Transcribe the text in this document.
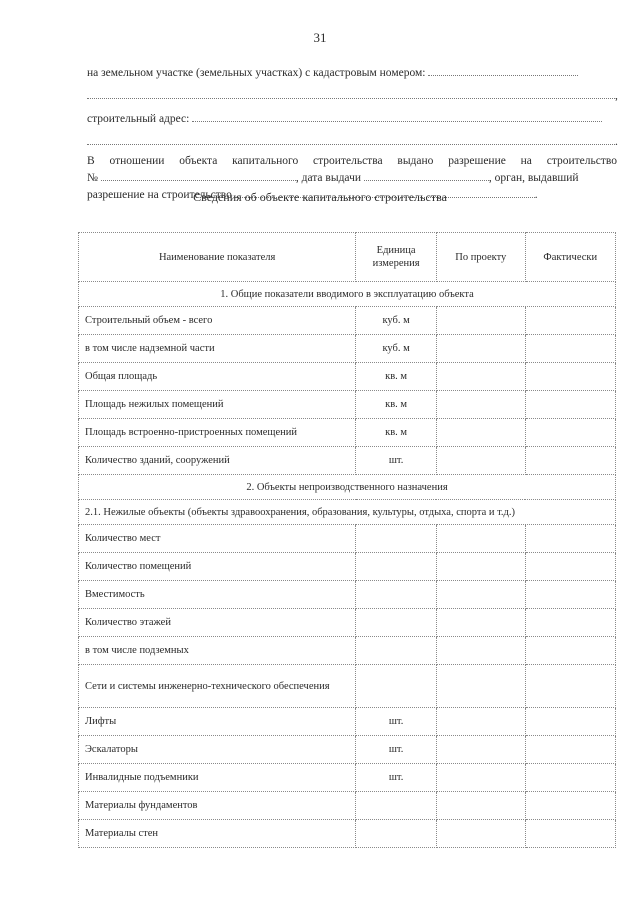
31
на земельном участке (земельных участках) с кадастровым номером:
,
строительный адрес:
.
В отношении объекта капитального строительства выдано разрешение на строительство
№	, дата выдачи	, орган, выдавший
разрешение на строительство	.
Сведения об объекте капитального строительства
Наименование показателя	Единица измерения	По проекту	Фактически
1. Общие показатели вводимого в эксплуатацию объекта			
Строительный объем - всего	куб. м		
в том числе надземной части	куб. м		
Общая площадь	кв. м		
Площадь нежилых помещений	кв. м		
Площадь встроенно-пристроенных помещений	кв. м		
Количество зданий, сооружений	шт.		
2. Объекты непроизводственного назначения			
2.1. Нежилые объекты (объекты здравоохранения, образования, культуры, отдыха, спорта и т.д.)			
Количество мест			
Количество помещений			
Вместимость			
Количество этажей			
в том числе подземных			
Сети и системы инженерно-технического обеспечения			
Лифты	шт.		
Эскалаторы	шт.		
Инвалидные подъемники	шт.		
Материалы фундаментов			
Материалы стен			
